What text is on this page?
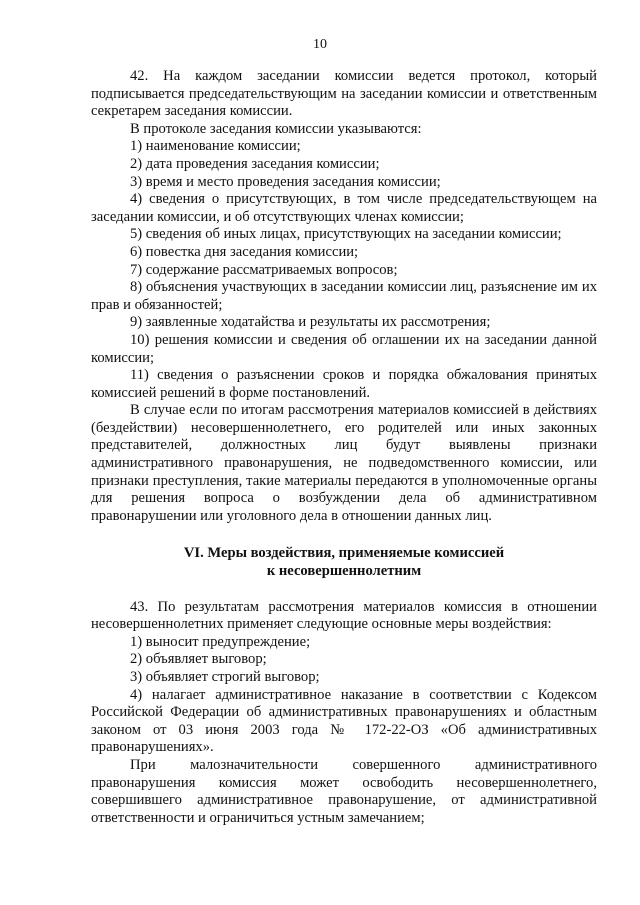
10

42. На каждом заседании комиссии ведется протокол, который подписывается председательствующим на заседании комиссии и ответственным секретарем заседания комиссии.

В протоколе заседания комиссии указываются:

1) наименование комиссии;

2) дата проведения заседания комиссии;

3) время и место проведения заседания комиссии;

4) сведения о присутствующих, в том числе председательствующем на заседании комиссии, и об отсутствующих членах комиссии;

5) сведения об иных лицах, присутствующих на заседании комиссии;

6) повестка дня заседания комиссии;

7) содержание рассматриваемых вопросов;

8) объяснения участвующих в заседании комиссии лиц, разъяснение им их прав и обязанностей;

9) заявленные ходатайства и результаты их рассмотрения;

10) решения комиссии и сведения об оглашении их на заседании данной комиссии;

11) сведения о разъяснении сроков и порядка обжалования принятых комиссией решений в форме постановлений.

В случае если по итогам рассмотрения материалов комиссией в действиях (бездействии) несовершеннолетнего, его родителей или иных законных представителей, должностных лиц будут выявлены признаки административного правонарушения, не подведомственного комиссии, или признаки преступления, такие материалы передаются в уполномоченные органы для решения вопроса о возбуждении дела об административном правонарушении или уголовного дела в отношении данных лиц.

VI. Меры воздействия, применяемые комиссией
к несовершеннолетним

43. По результатам рассмотрения материалов комиссия в отношении несовершеннолетних применяет следующие основные меры воздействия:

1) выносит предупреждение;

2) объявляет выговор;

3) объявляет строгий выговор;

4) налагает административное наказание в соответствии с Кодексом Российской Федерации об административных правонарушениях и областным законом от 03 июня 2003 года № 172-22-ОЗ «Об административных правонарушениях».

При малозначительности совершенного административного правонарушения комиссия может освободить несовершеннолетнего, совершившего административное правонарушение, от административной ответственности и ограничиться устным замечанием;
